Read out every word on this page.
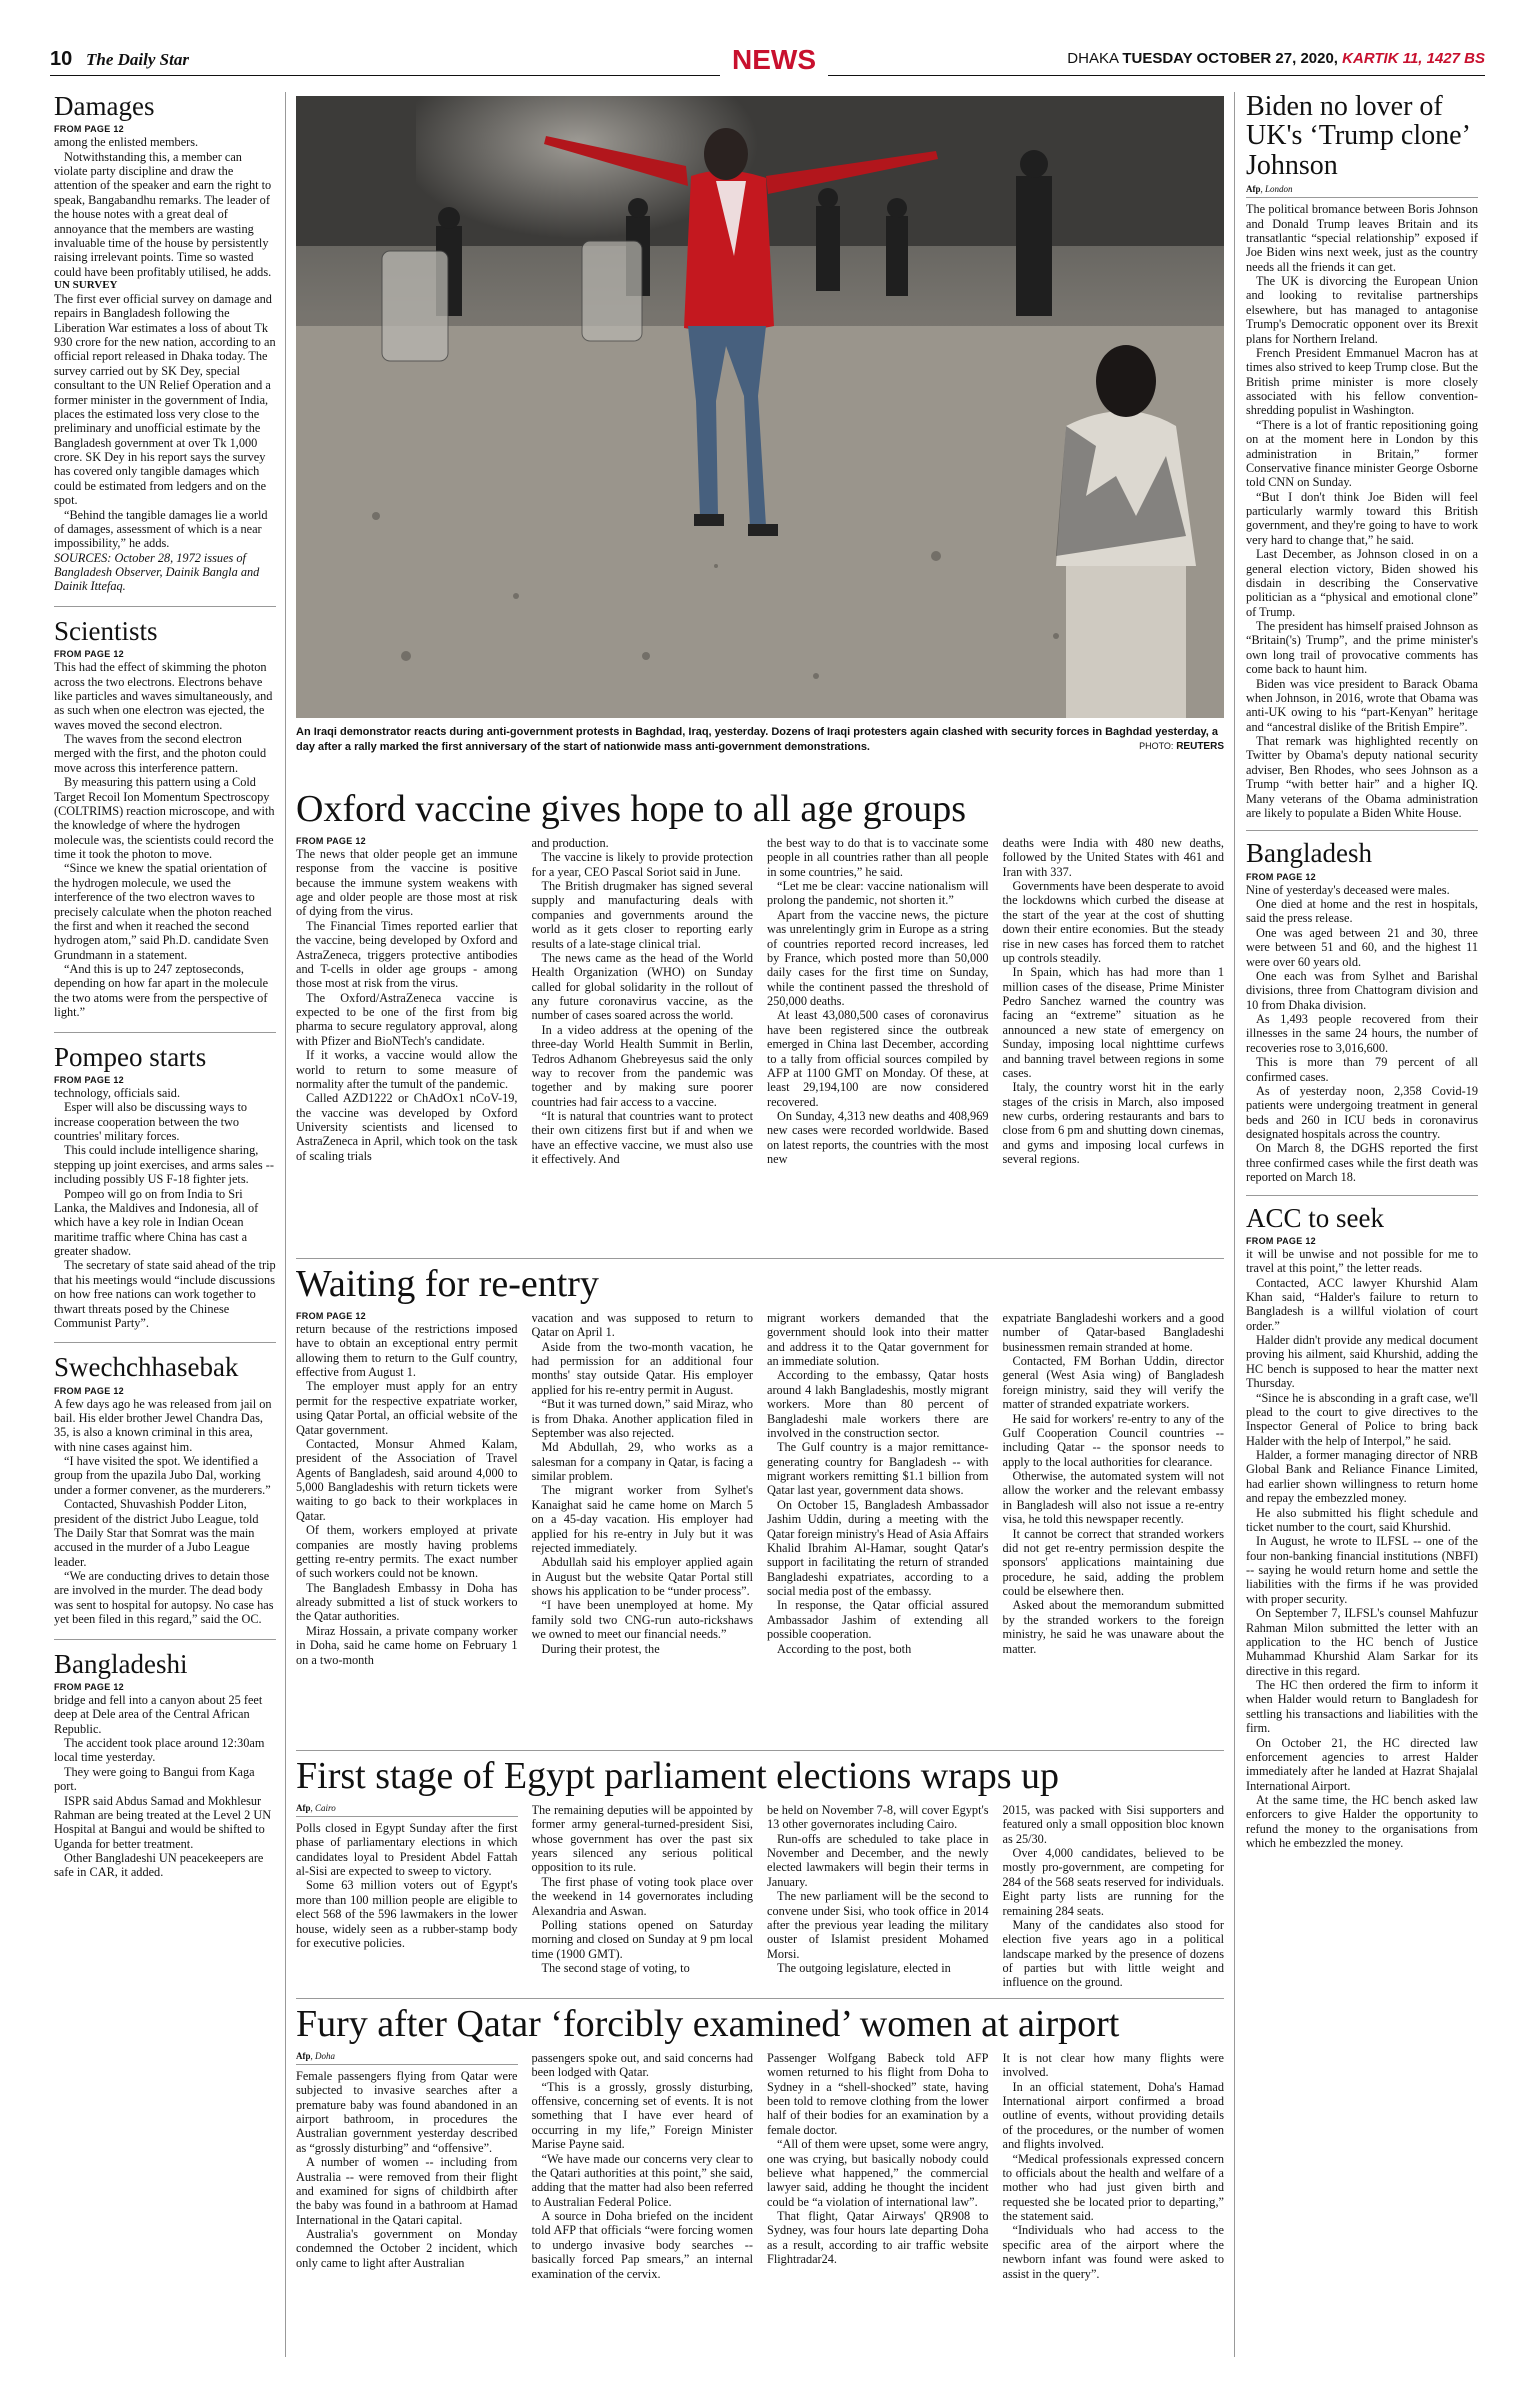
10 The Daily Star	NEWS	DHAKA TUESDAY OCTOBER 27, 2020, KARTIK 11, 1427 BS
Damages
FROM PAGE 12

among the enlisted members.

Notwithstanding this, a member can violate party discipline and draw the attention of the speaker and earn the right to speak, Bangabandhu remarks. The leader of the house notes with a great deal of annoyance that the members are wasting invaluable time of the house by persistently raising irrelevant points. Time so wasted could have been profitably utilised, he adds.

UN SURVEY

The first ever official survey on damage and repairs in Bangladesh following the Liberation War estimates a loss of about Tk 930 crore for the new nation, according to an official report released in Dhaka today. The survey carried out by SK Dey, special consultant to the UN Relief Operation and a former minister in the government of India, places the estimated loss very close to the preliminary and unofficial estimate by the Bangladesh government at over Tk 1,000 crore. SK Dey in his report says the survey has covered only tangible damages which could be estimated from ledgers and on the spot.

“Behind the tangible damages lie a world of damages, assessment of which is a near impossibility,” he adds.

SOURCES: October 28, 1972 issues of Bangladesh Observer, Dainik Bangla and Dainik Ittefaq.

Scientists
FROM PAGE 12

This had the effect of skimming the photon across the two electrons. Electrons behave like particles and waves simultaneously, and as such when one electron was ejected, the waves moved the second electron.

The waves from the second electron merged with the first, and the photon could move across this interference pattern.

By measuring this pattern using a Cold Target Recoil Ion Momentum Spectroscopy (COLTRIMS) reaction microscope, and with the knowledge of where the hydrogen molecule was, the scientists could record the time it took the photon to move.

“Since we knew the spatial orientation of the hydrogen molecule, we used the interference of the two electron waves to precisely calculate when the photon reached the first and when it reached the second hydrogen atom,” said Ph.D. candidate Sven Grundmann in a statement.

“And this is up to 247 zeptoseconds, depending on how far apart in the molecule the two atoms were from the perspective of light.”

Pompeo starts
FROM PAGE 12

technology, officials said.

Esper will also be discussing ways to increase cooperation between the two countries' military forces.

This could include intelligence sharing, stepping up joint exercises, and arms sales -- including possibly US F-18 fighter jets.

Pompeo will go on from India to Sri Lanka, the Maldives and Indonesia, all of which have a key role in Indian Ocean maritime traffic where China has cast a greater shadow.

The secretary of state said ahead of the trip that his meetings would “include discussions on how free nations can work together to thwart threats posed by the Chinese Communist Party”.

Swechchhasebak
FROM PAGE 12

A few days ago he was released from jail on bail. His elder brother Jewel Chandra Das, 35, is also a known criminal in this area, with nine cases against him.

“I have visited the spot. We identified a group from the upazila Jubo Dal, working under a former convener, as the murderers.”

Contacted, Shuvashish Podder Liton, president of the district Jubo League, told The Daily Star that Somrat was the main accused in the murder of a Jubo League leader.

“We are conducting drives to detain those are involved in the murder. The dead body was sent to hospital for autopsy. No case has yet been filed in this regard,” said the OC.

Bangladeshi
FROM PAGE 12

bridge and fell into a canyon about 25 feet deep at Dele area of the Central African Republic.

The accident took place around 12:30am local time yesterday.

They were going to Bangui from Kaga port.

ISPR said Abdus Samad and Mokhlesur Rahman are being treated at the Level 2 UN Hospital at Bangui and would be shifted to Uganda for better treatment.

Other Bangladeshi UN peacekeepers are safe in CAR, it added.

An Iraqi demonstrator reacts during anti-government protests in Baghdad, Iraq, yesterday. Dozens of Iraqi protesters again clashed with security forces in Baghdad yesterday, a day after a rally marked the first anniversary of the start of nationwide mass anti-government demonstrations.	PHOTO: REUTERS
Oxford vaccine gives hope to all age groups
FROM PAGE 12

The news that older people get an immune response from the vaccine is positive because the immune system weakens with age and older people are those most at risk of dying from the virus.

The Financial Times reported earlier that the vaccine, being developed by Oxford and AstraZeneca, triggers protective antibodies and T-cells in older age groups - among those most at risk from the virus.

The Oxford/AstraZeneca vaccine is expected to be one of the first from big pharma to secure regulatory approval, along with Pfizer and BioNTech's candidate.

If it works, a vaccine would allow the world to return to some measure of normality after the tumult of the pandemic.

Called AZD1222 or ChAdOx1 nCoV-19, the vaccine was developed by Oxford University scientists and licensed to AstraZeneca in April, which took on the task of scaling trials

and production.

The vaccine is likely to provide protection for a year, CEO Pascal Soriot said in June.

The British drugmaker has signed several supply and manufacturing deals with companies and governments around the world as it gets closer to reporting early results of a late-stage clinical trial.

The news came as the head of the World Health Organization (WHO) on Sunday called for global solidarity in the rollout of any future coronavirus vaccine, as the number of cases soared across the world.

In a video address at the opening of the three-day World Health Summit in Berlin, Tedros Adhanom Ghebreyesus said the only way to recover from the pandemic was together and by making sure poorer countries had fair access to a vaccine.

“It is natural that countries want to protect their own citizens first but if and when we have an effective vaccine, we must also use it effectively. And

the best way to do that is to vaccinate some people in all countries rather than all people in some countries,” he said.

“Let me be clear: vaccine nationalism will prolong the pandemic, not shorten it.”

Apart from the vaccine news, the picture was unrelentingly grim in Europe as a string of countries reported record increases, led by France, which posted more than 50,000 daily cases for the first time on Sunday, while the continent passed the threshold of 250,000 deaths.

At least 43,080,500 cases of coronavirus have been registered since the outbreak emerged in China last December, according to a tally from official sources compiled by AFP at 1100 GMT on Monday. Of these, at least 29,194,100 are now considered recovered.

On Sunday, 4,313 new deaths and 408,969 new cases were recorded worldwide. Based on latest reports, the countries with the most new

deaths were India with 480 new deaths, followed by the United States with 461 and Iran with 337.

Governments have been desperate to avoid the lockdowns which curbed the disease at the start of the year at the cost of shutting down their entire economies. But the steady rise in new cases has forced them to ratchet up controls steadily.

In Spain, which has had more than 1 million cases of the disease, Prime Minister Pedro Sanchez warned the country was facing an “extreme” situation as he announced a new state of emergency on Sunday, imposing local nighttime curfews and banning travel between regions in some cases.

Italy, the country worst hit in the early stages of the crisis in March, also imposed new curbs, ordering restaurants and bars to close from 6 pm and shutting down cinemas, and gyms and imposing local curfews in several regions.

Waiting for re-entry
FROM PAGE 12

return because of the restrictions imposed have to obtain an exceptional entry permit allowing them to return to the Gulf country, effective from August 1.

The employer must apply for an entry permit for the respective expatriate worker, using Qatar Portal, an official website of the Qatar government.

Contacted, Monsur Ahmed Kalam, president of the Association of Travel Agents of Bangladesh, said around 4,000 to 5,000 Bangladeshis with return tickets were waiting to go back to their workplaces in Qatar.

Of them, workers employed at private companies are mostly having problems getting re-entry permits. The exact number of such workers could not be known.

The Bangladesh Embassy in Doha has already submitted a list of stuck workers to the Qatar authorities.

Miraz Hossain, a private company worker in Doha, said he came home on February 1 on a two-month

vacation and was supposed to return to Qatar on April 1.

Aside from the two-month vacation, he had permission for an additional four months' stay outside Qatar. His employer applied for his re-entry permit in August.

“But it was turned down,” said Miraz, who is from Dhaka. Another application filed in September was also rejected.

Md Abdullah, 29, who works as a salesman for a company in Qatar, is facing a similar problem.

The migrant worker from Sylhet's Kanaighat said he came home on March 5 on a 45-day vacation. His employer had applied for his re-entry in July but it was rejected immediately.

Abdullah said his employer applied again in August but the website Qatar Portal still shows his application to be “under process”.

“I have been unemployed at home. My family sold two CNG-run auto-rickshaws we owned to meet our financial needs.”

During their protest, the

migrant workers demanded that the government should look into their matter and address it to the Qatar government for an immediate solution.

According to the embassy, Qatar hosts around 4 lakh Bangladeshis, mostly migrant workers. More than 80 percent of Bangladeshi male workers there are involved in the construction sector.

The Gulf country is a major remittance-generating country for Bangladesh -- with migrant workers remitting $1.1 billion from Qatar last year, government data shows.

On October 15, Bangladesh Ambassador Jashim Uddin, during a meeting with the Qatar foreign ministry's Head of Asia Affairs Khalid Ibrahim Al-Hamar, sought Qatar's support in facilitating the return of stranded Bangladeshi expatriates, according to a social media post of the embassy.

In response, the Qatar official assured Ambassador Jashim of extending all possible cooperation.

According to the post, both

expatriate Bangladeshi workers and a good number of Qatar-based Bangladeshi businessmen remain stranded at home.

Contacted, FM Borhan Uddin, director general (West Asia wing) of Bangladesh foreign ministry, said they will verify the matter of stranded expatriate workers.

He said for workers' re-entry to any of the Gulf Cooperation Council countries -- including Qatar -- the sponsor needs to apply to the local authorities for clearance.

Otherwise, the automated system will not allow the worker and the relevant embassy in Bangladesh will also not issue a re-entry visa, he told this newspaper recently.

It cannot be correct that stranded workers did not get re-entry permission despite the sponsors' applications maintaining due procedure, he said, adding the problem could be elsewhere then.

Asked about the memorandum submitted by the stranded workers to the foreign ministry, he said he was unaware about the matter.

First stage of Egypt parliament elections wraps up
Afp, Cairo

Polls closed in Egypt Sunday after the first phase of parliamentary elections in which candidates loyal to President Abdel Fattah al-Sisi are expected to sweep to victory.

Some 63 million voters out of Egypt's more than 100 million people are eligible to elect 568 of the 596 lawmakers in the lower house, widely seen as a rubber-stamp body for executive policies.

The remaining deputies will be appointed by former army general-turned-president Sisi, whose government has over the past six years silenced any serious political opposition to its rule.

The first phase of voting took place over the weekend in 14 governorates including Alexandria and Aswan.

Polling stations opened on Saturday morning and closed on Sunday at 9 pm local time (1900 GMT).

The second stage of voting, to

be held on November 7-8, will cover Egypt's 13 other governorates including Cairo.

Run-offs are scheduled to take place in November and December, and the newly elected lawmakers will begin their terms in January.

The new parliament will be the second to convene under Sisi, who took office in 2014 after the previous year leading the military ouster of Islamist president Mohamed Morsi.

The outgoing legislature, elected in

2015, was packed with Sisi supporters and featured only a small opposition bloc known as 25/30.

Over 4,000 candidates, believed to be mostly pro-government, are competing for 284 of the 568 seats reserved for individuals. Eight party lists are running for the remaining 284 seats.

Many of the candidates also stood for election five years ago in a political landscape marked by the presence of dozens of parties but with little weight and influence on the ground.

Fury after Qatar ‘forcibly examined’ women at airport
Afp, Doha

Female passengers flying from Qatar were subjected to invasive searches after a premature baby was found abandoned in an airport bathroom, in procedures the Australian government yesterday described as “grossly disturbing” and “offensive”.

A number of women -- including from Australia -- were removed from their flight and examined for signs of childbirth after the baby was found in a bathroom at Hamad International in the Qatari capital.

Australia's government on Monday condemned the October 2 incident, which only came to light after Australian

passengers spoke out, and said concerns had been lodged with Qatar.

“This is a grossly, grossly disturbing, offensive, concerning set of events. It is not something that I have ever heard of occurring in my life,” Foreign Minister Marise Payne said.

“We have made our concerns very clear to the Qatari authorities at this point,” she said, adding that the matter had also been referred to Australian Federal Police.

A source in Doha briefed on the incident told AFP that officials “were forcing women to undergo invasive body searches -- basically forced Pap smears,” an internal examination of the cervix.

Passenger Wolfgang Babeck told AFP women returned to his flight from Doha to Sydney in a “shell-shocked” state, having been told to remove clothing from the lower half of their bodies for an examination by a female doctor.

“All of them were upset, some were angry, one was crying, but basically nobody could believe what happened,” the commercial lawyer said, adding he thought the incident could be “a violation of international law”.

That flight, Qatar Airways' QR908 to Sydney, was four hours late departing Doha as a result, according to air traffic website Flightradar24.

It is not clear how many flights were involved.

In an official statement, Doha's Hamad International airport confirmed a broad outline of events, without providing details of the procedures, or the number of women and flights involved.

“Medical professionals expressed concern to officials about the health and welfare of a mother who had just given birth and requested she be located prior to departing,” the statement said.

“Individuals who had access to the specific area of the airport where the newborn infant was found were asked to assist in the query”.

Biden no lover of UK's ‘Trump clone’ Johnson
Afp, London

The political bromance between Boris Johnson and Donald Trump leaves Britain and its transatlantic “special relationship” exposed if Joe Biden wins next week, just as the country needs all the friends it can get.

The UK is divorcing the European Union and looking to revitalise partnerships elsewhere, but has managed to antagonise Trump's Democratic opponent over its Brexit plans for Northern Ireland.

French President Emmanuel Macron has at times also strived to keep Trump close. But the British prime minister is more closely associated with his fellow convention-shredding populist in Washington.

“There is a lot of frantic repositioning going on at the moment here in London by this administration in Britain,” former Conservative finance minister George Osborne told CNN on Sunday.

“But I don't think Joe Biden will feel particularly warmly toward this British government, and they're going to have to work very hard to change that,” he said.

Last December, as Johnson closed in on a general election victory, Biden showed his disdain in describing the Conservative politician as a “physical and emotional clone” of Trump.

The president has himself praised Johnson as “Britain('s) Trump”, and the prime minister's own long trail of provocative comments has come back to haunt him.

Biden was vice president to Barack Obama when Johnson, in 2016, wrote that Obama was anti-UK owing to his “part-Kenyan” heritage and “ancestral dislike of the British Empire”.

That remark was highlighted recently on Twitter by Obama's deputy national security adviser, Ben Rhodes, who sees Johnson as a Trump “with better hair” and a higher IQ. Many veterans of the Obama administration are likely to populate a Biden White House.

Bangladesh
FROM PAGE 12

Nine of yesterday's deceased were males.

One died at home and the rest in hospitals, said the press release.

One was aged between 21 and 30, three were between 51 and 60, and the highest 11 were over 60 years old.

One each was from Sylhet and Barishal divisions, three from Chattogram division and 10 from Dhaka division.

As 1,493 people recovered from their illnesses in the same 24 hours, the number of recoveries rose to 3,016,600.

This is more than 79 percent of all confirmed cases.

As of yesterday noon, 2,358 Covid-19 patients were undergoing treatment in general beds and 260 in ICU beds in coronavirus designated hospitals across the country.

On March 8, the DGHS reported the first three confirmed cases while the first death was reported on March 18.

ACC to seek
FROM PAGE 12

it will be unwise and not possible for me to travel at this point,” the letter reads.

Contacted, ACC lawyer Khurshid Alam Khan said, “Halder's failure to return to Bangladesh is a willful violation of court order.”

Halder didn't provide any medical document proving his ailment, said Khurshid, adding the HC bench is supposed to hear the matter next Thursday.

“Since he is absconding in a graft case, we'll plead to the court to give directives to the Inspector General of Police to bring back Halder with the help of Interpol,” he said.

Halder, a former managing director of NRB Global Bank and Reliance Finance Limited, had earlier shown willingness to return home and repay the embezzled money.

He also submitted his flight schedule and ticket number to the court, said Khurshid.

In August, he wrote to ILFSL -- one of the four non-banking financial institutions (NBFI) -- saying he would return home and settle the liabilities with the firms if he was provided with proper security.

On September 7, ILFSL's counsel Mahfuzur Rahman Milon submitted the letter with an application to the HC bench of Justice Muhammad Khurshid Alam Sarkar for its directive in this regard.

The HC then ordered the firm to inform it when Halder would return to Bangladesh for settling his transactions and liabilities with the firm.

On October 21, the HC directed law enforcement agencies to arrest Halder immediately after he landed at Hazrat Shajalal International Airport.

At the same time, the HC bench asked law enforcers to give Halder the opportunity to refund the money to the organisations from which he embezzled the money.
